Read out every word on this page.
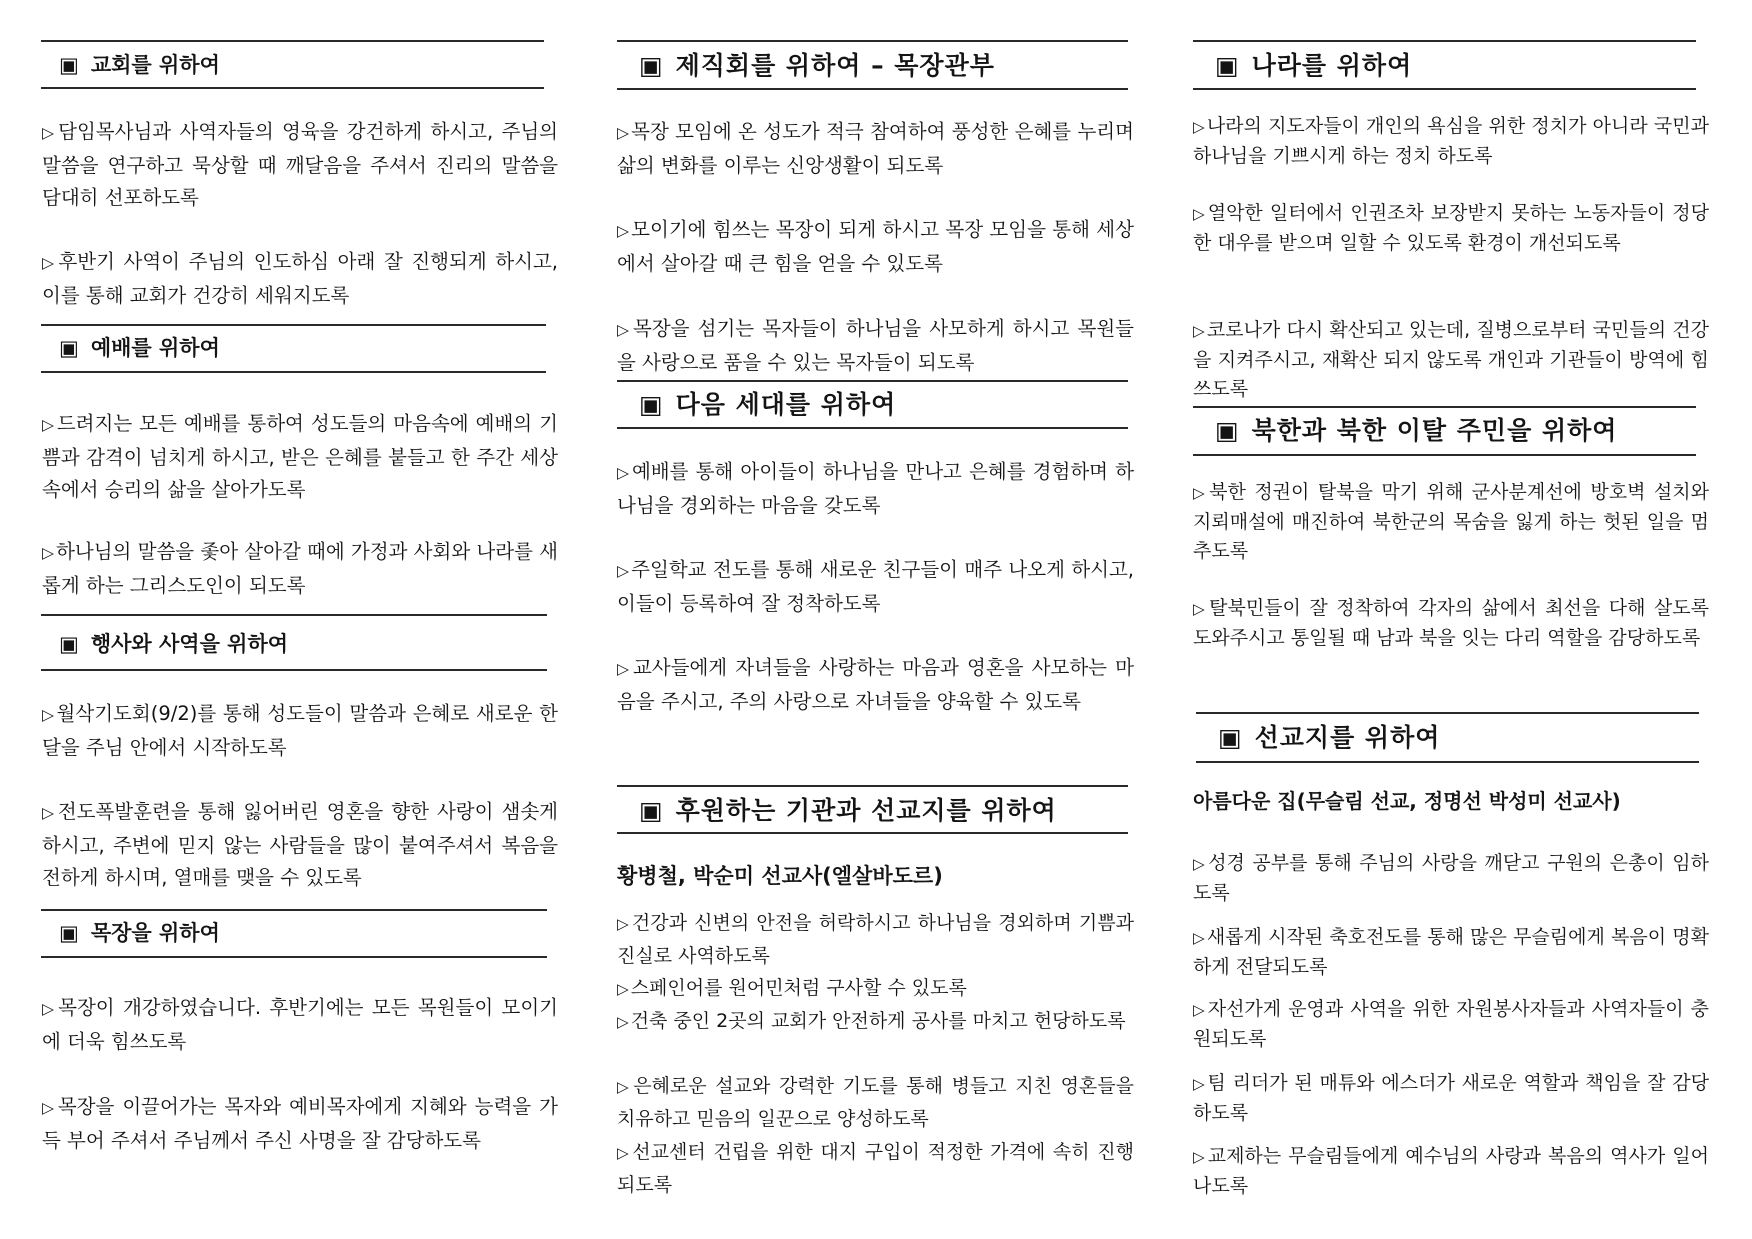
▣ 교회를 위하여

▷ 담임목사님과 사역자들의 영육을 강건하게 하시고, 주님의 말씀을 연구하고 묵상할 때 깨달음을 주셔서 진리의 말씀을 담대히 선포하도록

▷ 후반기 사역이 주님의 인도하심 아래 잘 진행되게 하시고, 이를 통해 교회가 건강히 세워지도록

▣ 예배를 위하여

▷ 드려지는 모든 예배를 통하여 성도들의 마음속에 예배의 기쁨과 감격이 넘치게 하시고, 받은 은혜를 붙들고 한 주간 세상 속에서 승리의 삶을 살아가도록

▷ 하나님의 말씀을 좇아 살아갈 때에 가정과 사회와 나라를 새롭게 하는 그리스도인이 되도록

▣ 행사와 사역을 위하여

▷ 월삭기도회(9/2)를 통해 성도들이 말씀과 은혜로 새로운 한 달을 주님 안에서 시작하도록

▷ 전도폭발훈련을 통해 잃어버린 영혼을 향한 사랑이 샘솟게 하시고, 주변에 믿지 않는 사람들을 많이 붙여주셔서 복음을 전하게 하시며, 열매를 맺을 수 있도록

▣ 목장을 위하여

▷ 목장이 개강하였습니다. 후반기에는 모든 목원들이 모이기에 더욱 힘쓰도록

▷ 목장을 이끌어가는 목자와 예비목자에게 지혜와 능력을 가득 부어 주셔서 주님께서 주신 사명을 잘 감당하도록

▣ 제직회를 위하여 – 목장관부

▷ 목장 모임에 온 성도가 적극 참여하여 풍성한 은혜를 누리며 삶의 변화를 이루는 신앙생활이 되도록

▷ 모이기에 힘쓰는 목장이 되게 하시고 목장 모임을 통해 세상에서 살아갈 때 큰 힘을 얻을 수 있도록

▷ 목장을 섬기는 목자들이 하나님을 사모하게 하시고 목원들을 사랑으로 품을 수 있는 목자들이 되도록

▣ 다음 세대를 위하여

▷ 예배를 통해 아이들이 하나님을 만나고 은혜를 경험하며 하나님을 경외하는 마음을 갖도록

▷ 주일학교 전도를 통해 새로운 친구들이 매주 나오게 하시고, 이들이 등록하여 잘 정착하도록

▷ 교사들에게 자녀들을 사랑하는 마음과 영혼을 사모하는 마음을 주시고, 주의 사랑으로 자녀들을 양육할 수 있도록

▣ 후원하는 기관과 선교지를 위하여
황병철, 박순미 선교사(엘살바도르)

▷ 건강과 신변의 안전을 허락하시고 하나님을 경외하며 기쁨과 진실로 사역하도록

▷ 스페인어를 원어민처럼 구사할 수 있도록

▷ 건축 중인 2곳의 교회가 안전하게 공사를 마치고 헌당하도록

▷ 은혜로운 설교와 강력한 기도를 통해 병들고 지친 영혼들을 치유하고 믿음의 일꾼으로 양성하도록

▷ 선교센터 건립을 위한 대지 구입이 적정한 가격에 속히 진행되도록

▣ 나라를 위하여

▷ 나라의 지도자들이 개인의 욕심을 위한 정치가 아니라 국민과 하나님을 기쁘시게 하는 정치 하도록

▷ 열악한 일터에서 인권조차 보장받지 못하는 노동자들이 정당한 대우를 받으며 일할 수 있도록 환경이 개선되도록

▷ 코로나가 다시 확산되고 있는데, 질병으로부터 국민들의 건강을 지켜주시고, 재확산 되지 않도록 개인과 기관들이 방역에 힘쓰도록

▣ 북한과 북한 이탈 주민을 위하여

▷ 북한 정권이 탈북을 막기 위해 군사분계선에 방호벽 설치와 지뢰매설에 매진하여 북한군의 목숨을 잃게 하는 헛된 일을 멈추도록

▷ 탈북민들이 잘 정착하여 각자의 삶에서 최선을 다해 살도록 도와주시고 통일될 때 남과 북을 잇는 다리 역할을 감당하도록

▣ 선교지를 위하여
아름다운 집(무슬림 선교, 정명선 박성미 선교사)

▷ 성경 공부를 통해 주님의 사랑을 깨닫고 구원의 은총이 임하도록

▷ 새롭게 시작된 축호전도를 통해 많은 무슬림에게 복음이 명확하게 전달되도록

▷ 자선가게 운영과 사역을 위한 자원봉사자들과 사역자들이 충원되도록

▷ 팀 리더가 된 매튜와 에스더가 새로운 역할과 책임을 잘 감당하도록

▷ 교제하는 무슬림들에게 예수님의 사랑과 복음의 역사가 일어나도록
